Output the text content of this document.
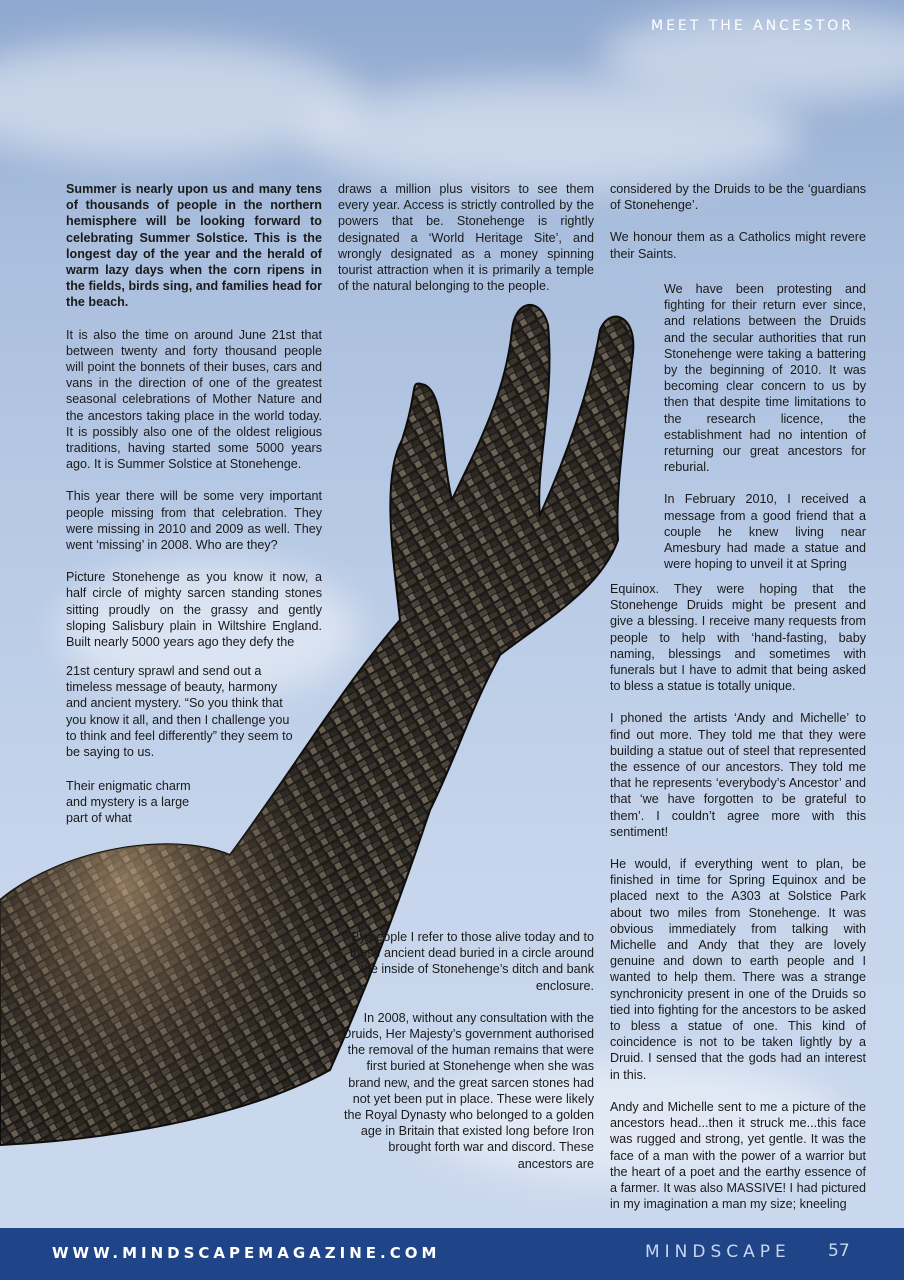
MEET THE ANCESTOR

Summer is nearly upon us and many tens of thousands of people in the northern hemisphere will be looking forward to celebrating Summer Solstice. This is the longest day of the year and the herald of warm lazy days when the corn ripens in the fields, birds sing, and families head for the beach.

It is also the time on around June 21st that between twenty and forty thousand people will point the bonnets of their buses, cars and vans in the direction of one of the greatest seasonal celebrations of Mother Nature and the ancestors taking place in the world today. It is possibly also one of the oldest religious traditions, having started some 5000 years ago. It is Summer Solstice at Stonehenge.

This year there will be some very important people missing from that celebration. They were missing in 2010 and 2009 as well. They went ‘missing’ in 2008. Who are they?

Picture Stonehenge as you know it now, a half circle of mighty sarcen standing stones sitting proudly on the grassy and gently sloping Salisbury plain in Wiltshire England. Built nearly 5000 years ago they defy the

21st century sprawl and send out a timeless message of beauty, harmony and ancient mystery. “So you think that you know it all, and then I challenge you to think and feel differently” they seem to be saying to us.

Their enigmatic charm and mystery is a large part of what

draws a million plus visitors to see them every year. Access is strictly controlled by the powers that be. Stonehenge is rightly designated a ‘World Heritage Site’, and wrongly designated as a money spinning tourist attraction when it is primarily a temple of the natural belonging to the people.

By people I refer to those alive today and to those ancient dead buried in a circle around the inside of Stonehenge’s ditch and bank enclosure.

In 2008, without any consultation with the Druids, Her Majesty’s government authorised the removal of the human remains that were first buried at Stonehenge when she was brand new, and the great sarcen stones had not yet been put in place. These were likely the Royal Dynasty who belonged to a golden age in Britain that existed long before Iron brought forth war and discord. These ancestors are

considered by the Druids to be the ‘guardians of Stonehenge’.

We honour them as a Catholics might revere their Saints.

We have been protesting and fighting for their return ever since, and relations between the Druids and the secular authorities that run Stonehenge were taking a battering by the beginning of 2010. It was becoming clear concern to us by then that despite time limitations to the research licence, the establishment had no intention of returning our great ancestors for reburial.

In February 2010, I received a message from a good friend that a couple he knew living near Amesbury had made a statue and were hoping to unveil it at Spring

Equinox. They were hoping that the Stonehenge Druids might be present and give a blessing. I receive many requests from people to help with ‘hand-fasting, baby naming, blessings and sometimes with funerals but I have to admit that being asked to bless a statue is totally unique.

I phoned the artists ‘Andy and Michelle’ to find out more. They told me that they were building a statue out of steel that represented the essence of our ancestors. They told me that he represents ‘everybody’s Ancestor’ and that ‘we have forgotten to be grateful to them’. I couldn’t agree more with this sentiment!

He would, if everything went to plan, be finished in time for Spring Equinox and be placed next to the A303 at Solstice Park about two miles from Stonehenge. It was obvious immediately from talking with Michelle and Andy that they are lovely genuine and down to earth people and I wanted to help them. There was a strange synchronicity present in one of the Druids so tied into fighting for the ancestors to be asked to bless a statue of one. This kind of coincidence is not to be taken lightly by a Druid. I sensed that the gods had an interest in this.

Andy and Michelle sent to me a picture of the ancestors head...then it struck me...this face was rugged and strong, yet gentle. It was the face of a man with the power of a warrior but the heart of a poet and the earthy essence of a farmer. It was also MASSIVE! I had pictured in my imagination a man my size; kneeling

WWW.MINDSCAPEMAGAZINE.COM	MINDSCAPE 57
